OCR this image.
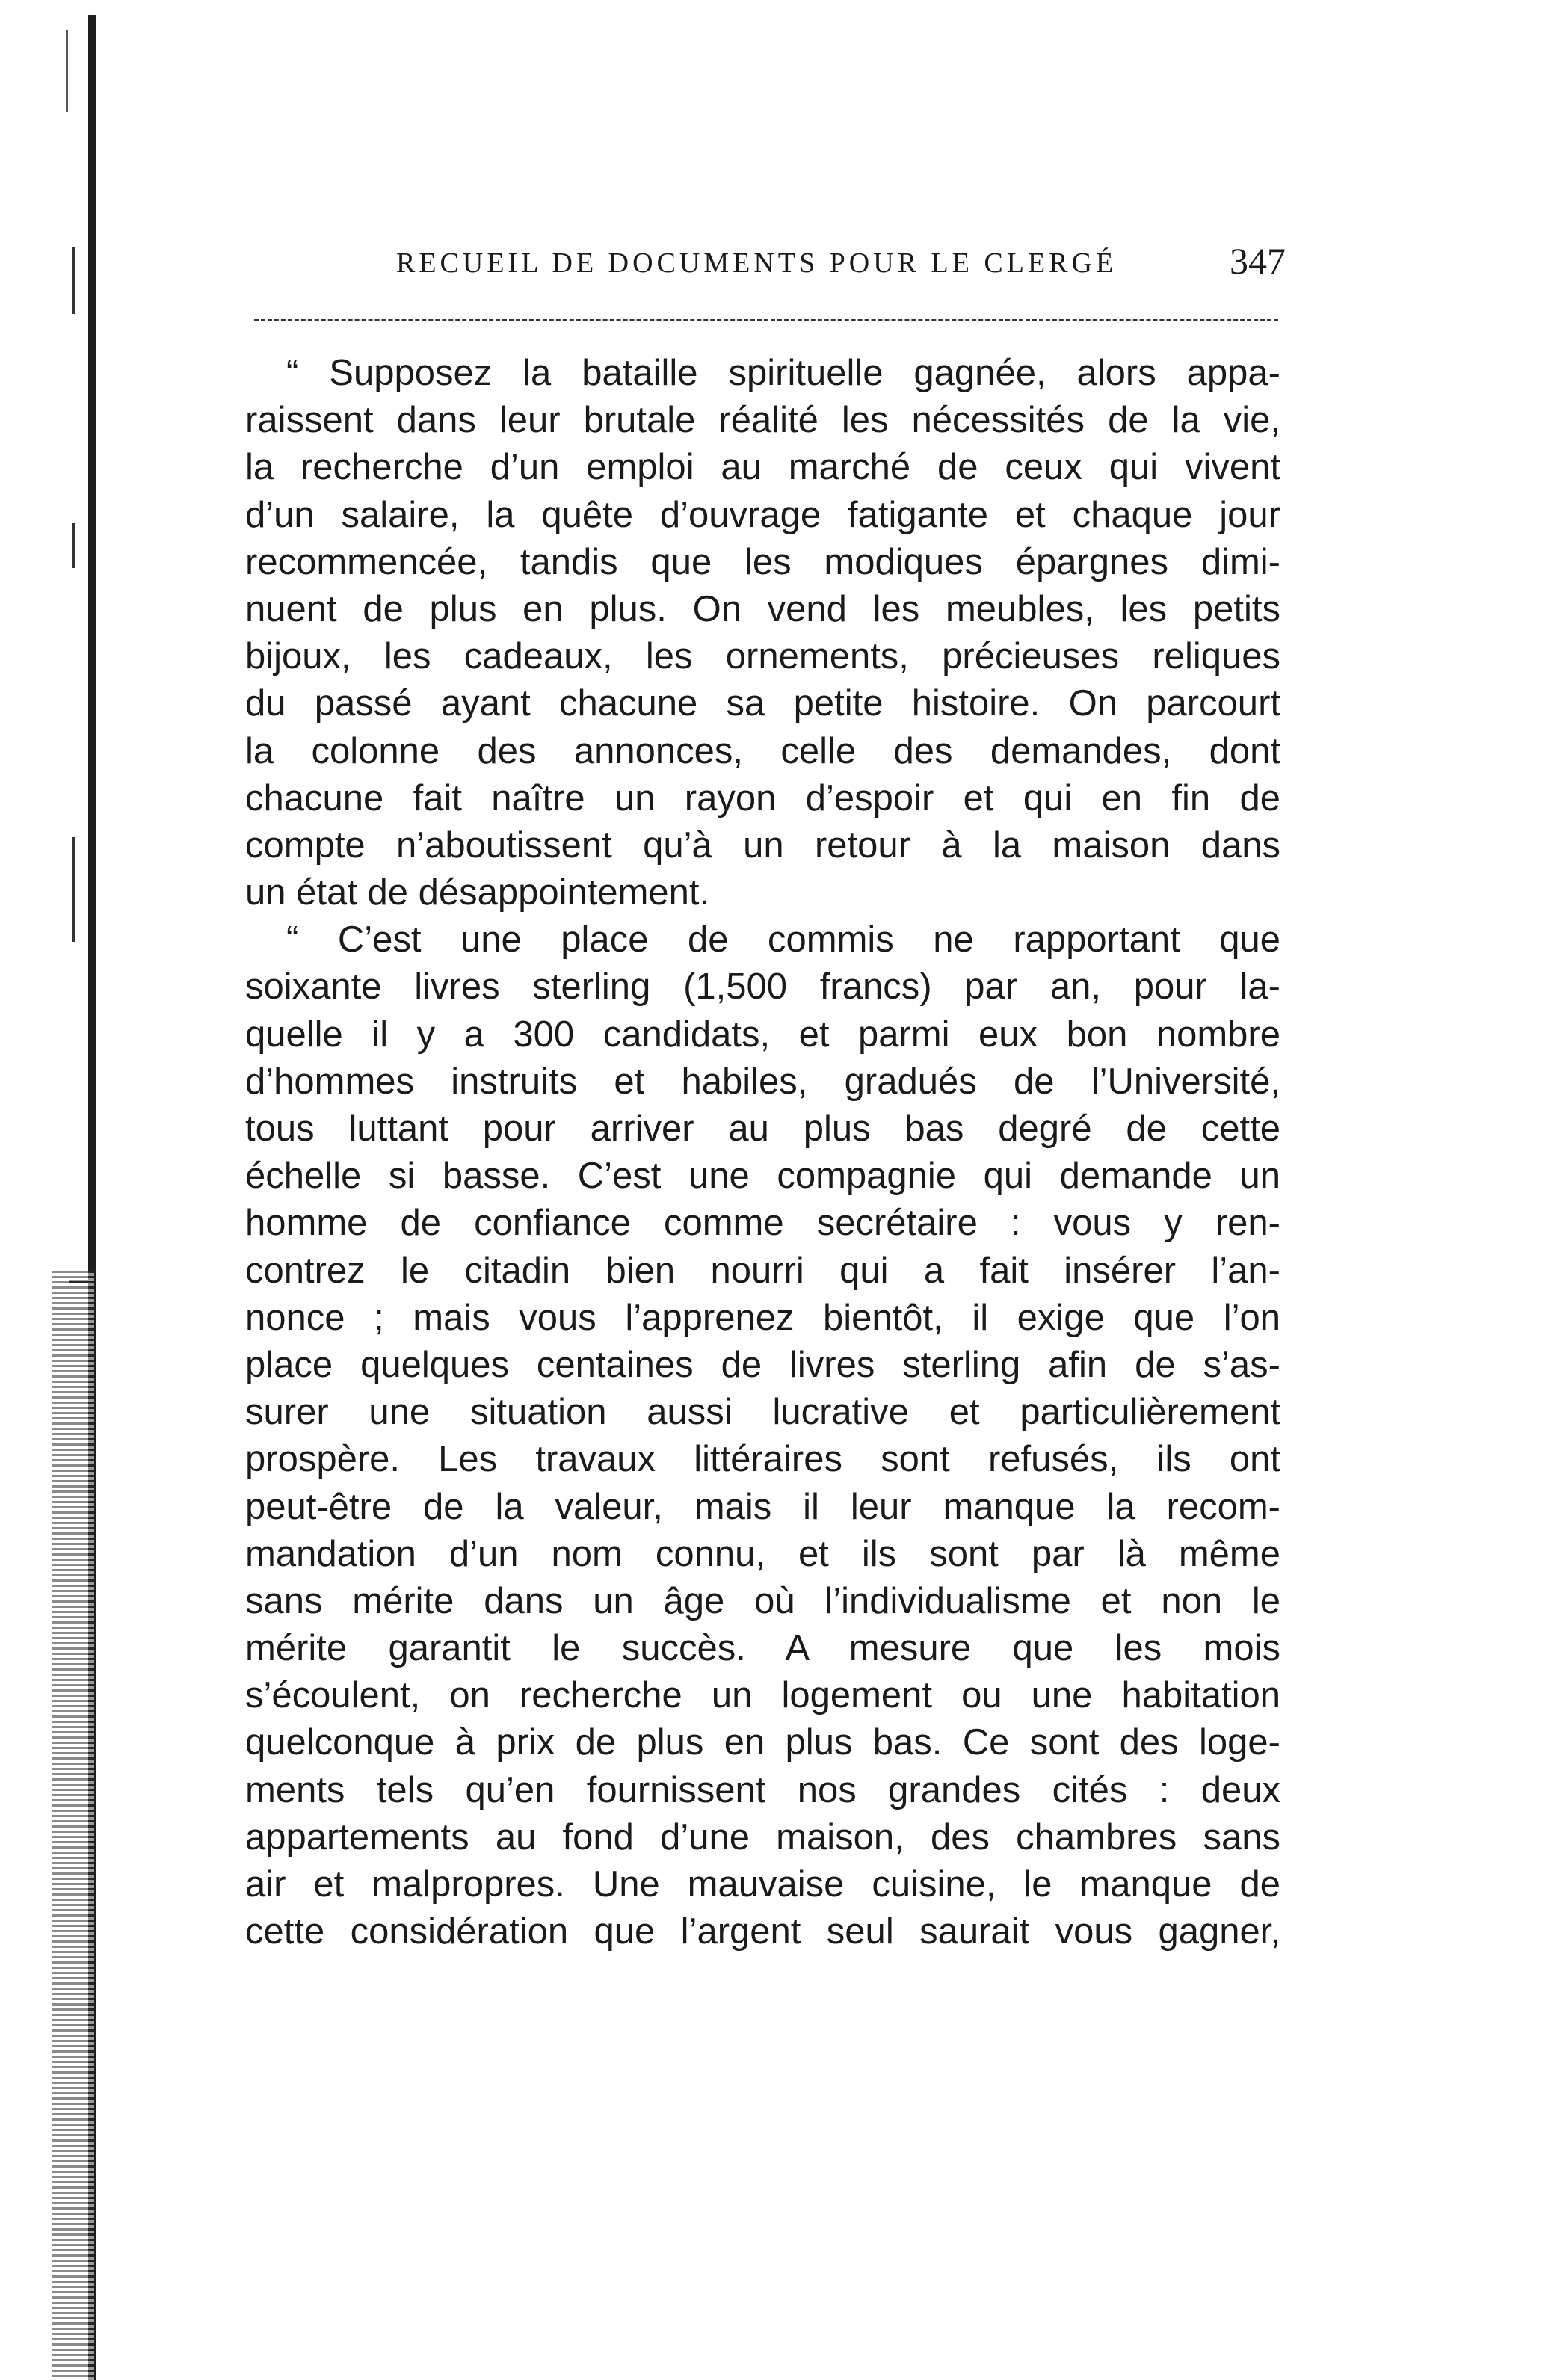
RECUEIL DE DOCUMENTS POUR LE CLERGÉ	347
“ Supposez la bataille spirituelle gagnée, alors appa-
raissent dans leur brutale réalité les nécessités de la vie,
la recherche d’un emploi au marché de ceux qui vivent
d’un salaire, la quête d’ouvrage fatigante et chaque jour
recommencée, tandis que les modiques épargnes dimi-
nuent de plus en plus. On vend les meubles, les petits
bijoux, les cadeaux, les ornements, précieuses reliques
du passé ayant chacune sa petite histoire. On parcourt
la colonne des annonces, celle des demandes, dont
chacune fait naître un rayon d’espoir et qui en fin de
compte n’aboutissent qu’à un retour à la maison dans
un état de désappointement.
“ C’est une place de commis ne rapportant que
soixante livres sterling (1,500 francs) par an, pour la-
quelle il y a 300 candidats, et parmi eux bon nombre
d’hommes instruits et habiles, gradués de l’Université,
tous luttant pour arriver au plus bas degré de cette
échelle si basse. C’est une compagnie qui demande un
homme de confiance comme secrétaire : vous y ren-
contrez le citadin bien nourri qui a fait insérer l’an-
nonce ; mais vous l’apprenez bientôt, il exige que l’on
place quelques centaines de livres sterling afin de s’as-
surer une situation aussi lucrative et particulièrement
prospère. Les travaux littéraires sont refusés, ils ont
peut-être de la valeur, mais il leur manque la recom-
mandation d’un nom connu, et ils sont par là même
sans mérite dans un âge où l’individualisme et non le
mérite garantit le succès. A mesure que les mois
s’écoulent, on recherche un logement ou une habitation
quelconque à prix de plus en plus bas. Ce sont des loge-
ments tels qu’en fournissent nos grandes cités : deux
appartements au fond d’une maison, des chambres sans
air et malpropres. Une mauvaise cuisine, le manque de
cette considération que l’argent seul saurait vous gagner,
